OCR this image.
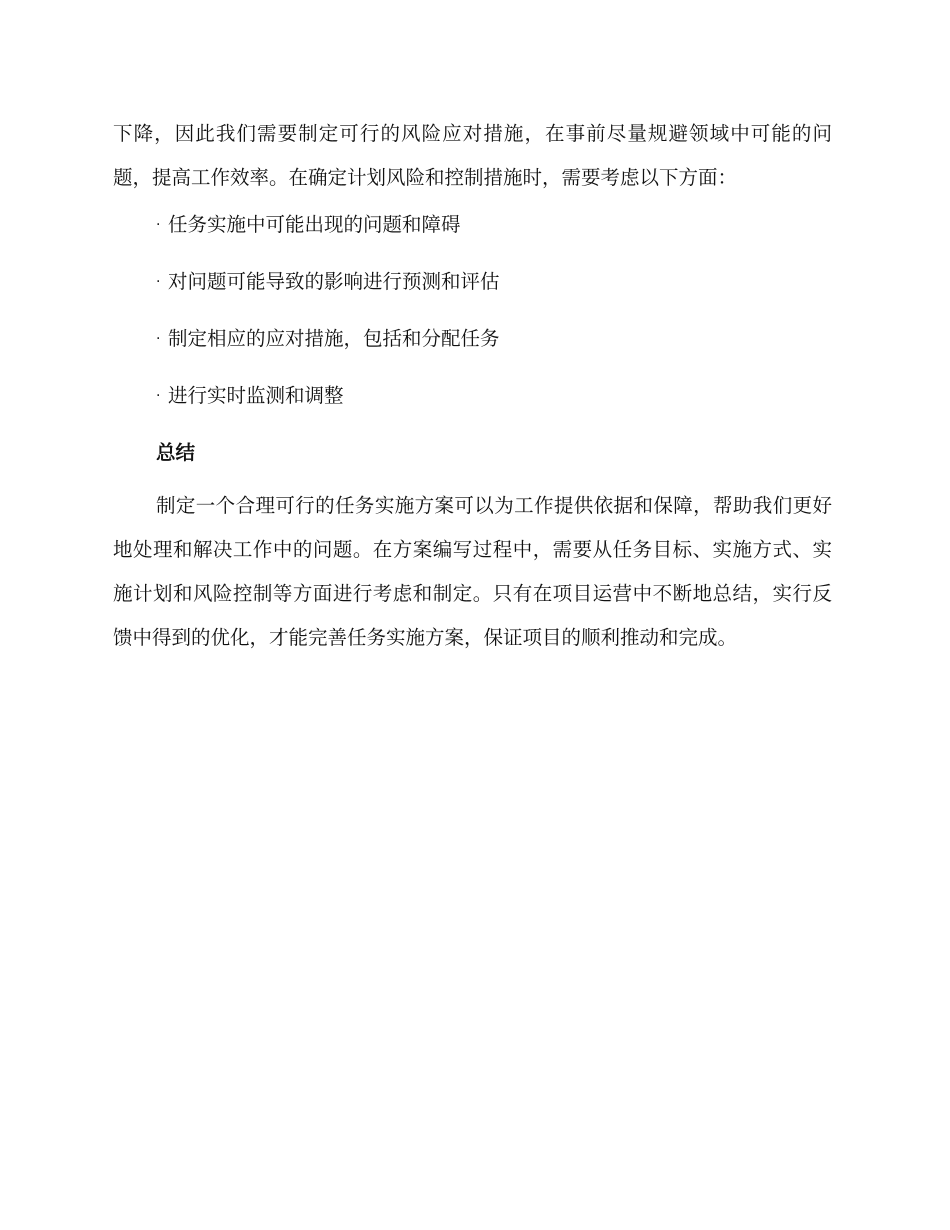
下降，因此我们需要制定可行的风险应对措施，在事前尽量规避领域中可能的问题，提高工作效率。在确定计划风险和控制措施时，需要考虑以下方面：

· 任务实施中可能出现的问题和障碍
· 对问题可能导致的影响进行预测和评估
· 制定相应的应对措施，包括和分配任务
· 进行实时监测和调整
总结

制定一个合理可行的任务实施方案可以为工作提供依据和保障，帮助我们更好地处理和解决工作中的问题。在方案编写过程中，需要从任务目标、实施方式、实施计划和风险控制等方面进行考虑和制定。只有在项目运营中不断地总结，实行反馈中得到的优化，才能完善任务实施方案，保证项目的顺利推动和完成。
